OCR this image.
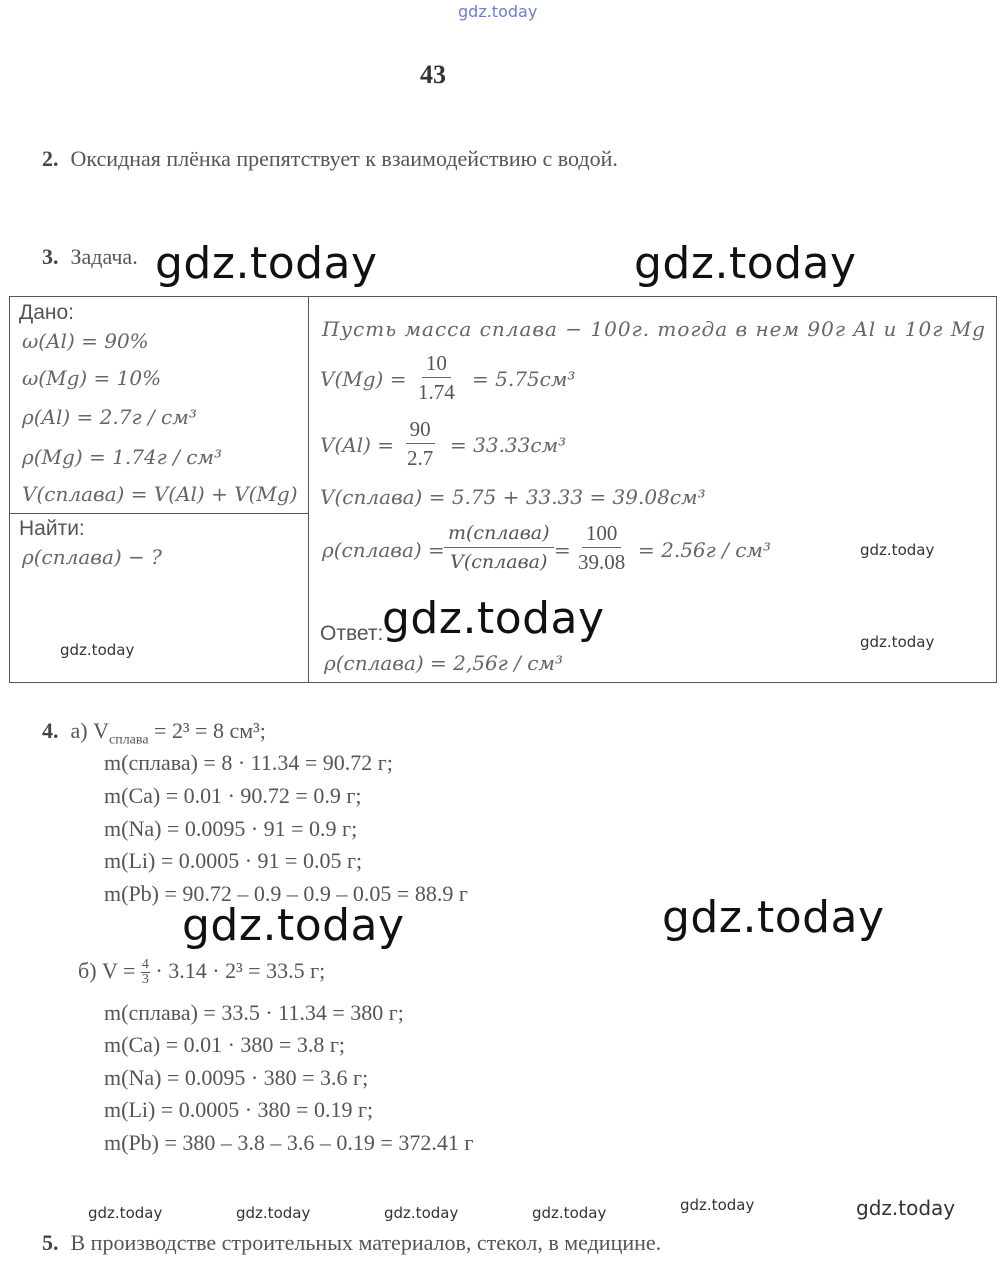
gdz.today
43
2. Оксидная плёнка препятствует к взаимодействию с водой.
3. Задача. gdz.today	gdz.today
Дано:
ω(Al) = 90%
ω(Mg) = 10%
ρ(Al) = 2.7г / см³
ρ(Mg) = 1.74г / см³
V(сплава) = V(Al) + V(Mg)
Найти:
ρ(сплава) − ?
gdz.today
Пусть масса сплава − 100г. тогда в нем 90г Al и 10г Mg
$V(Mg) = \frac{10}{1.74} = 5.75см^3$
$V(Al) = \frac{90}{2.7} = 33.33см^3$
V(сплава) = 5.75 + 33.33 = 39.08см³
ρ(сплава) =
m(сплава)
V(сплава) = $\frac{100}{39.08} = 2.56г / см^3$	gdz.today
Ответ:
gdz.today	gdz.today
ρ(сплава) = 2,56г / см³
4. а) $V_{сплава} = 2^3 = 8$ см³;
m(сплава) = 8 · 11.34 = 90.72 г;
m(Ca) = 0.01 · 90.72 = 0.9 г;
m(Na) = 0.0095 · 91 = 0.9 г;
m(Li) = 0.0005 · 91 = 0.05 г;
m(Pb) = 90.72 – 0.9 – 0.9 – 0.05 = 88.9 г
gdz.today	gdz.today
б) $V = \frac{4}{3} \cdot 3.14 \cdot 2^3 = 33.5$ г;
m(сплава) = 33.5 · 11.34 = 380 г;
m(Ca) = 0.01 · 380 = 3.8 г;
m(Na) = 0.0095 · 380 = 3.6 г;
m(Li) = 0.0005 · 380 = 0.19 г;
m(Pb) = 380 – 3.8 – 3.6 – 0.19 = 372.41 г
gdz.today	gdz.today	gdz.today	gdz.today	gdz.today	gdz.today
5. В производстве строительных материалов, стекол, в медицине.
